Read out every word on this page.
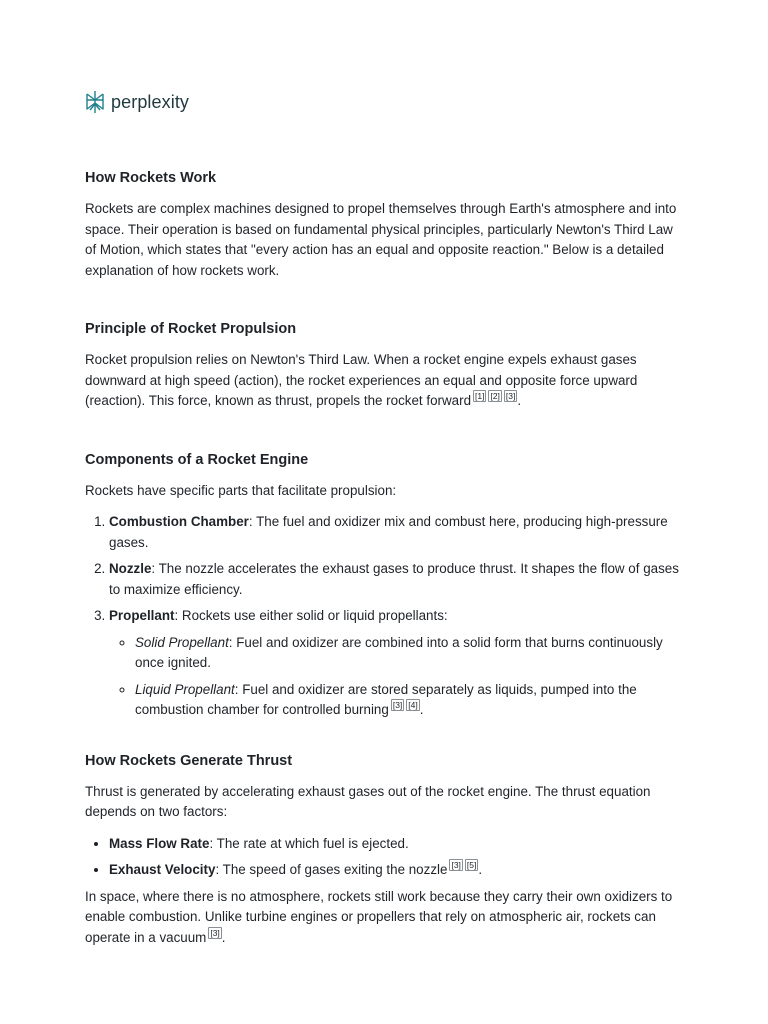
perplexity
How Rockets Work

Rockets are complex machines designed to propel themselves through Earth's atmosphere and into space. Their operation is based on fundamental physical principles, particularly Newton's Third Law of Motion, which states that "every action has an equal and opposite reaction." Below is a detailed explanation of how rockets work.

Principle of Rocket Propulsion

Rocket propulsion relies on Newton's Third Law. When a rocket engine expels exhaust gases downward at high speed (action), the rocket experiences an equal and opposite force upward (reaction). This force, known as thrust, propels the rocket forward [1] [2] [3] .

Components of a Rocket Engine

Rockets have specific parts that facilitate propulsion:

1. Combustion Chamber: The fuel and oxidizer mix and combust here, producing high-pressure gases.
2. Nozzle: The nozzle accelerates the exhaust gases to produce thrust. It shapes the flow of gases to maximize efficiency.
3. Propellant: Rockets use either solid or liquid propellants:
◦ Solid Propellant: Fuel and oxidizer are combined into a solid form that burns continuously once ignited.
◦ Liquid Propellant: Fuel and oxidizer are stored separately as liquids, pumped into the combustion chamber for controlled burning [3] [4] .
How Rockets Generate Thrust

Thrust is generated by accelerating exhaust gases out of the rocket engine. The thrust equation depends on two factors:

• Mass Flow Rate: The rate at which fuel is ejected.
• Exhaust Velocity: The speed of gases exiting the nozzle [3] [5] .

In space, where there is no atmosphere, rockets still work because they carry their own oxidizers to enable combustion. Unlike turbine engines or propellers that rely on atmospheric air, rockets can operate in a vacuum [3] .
